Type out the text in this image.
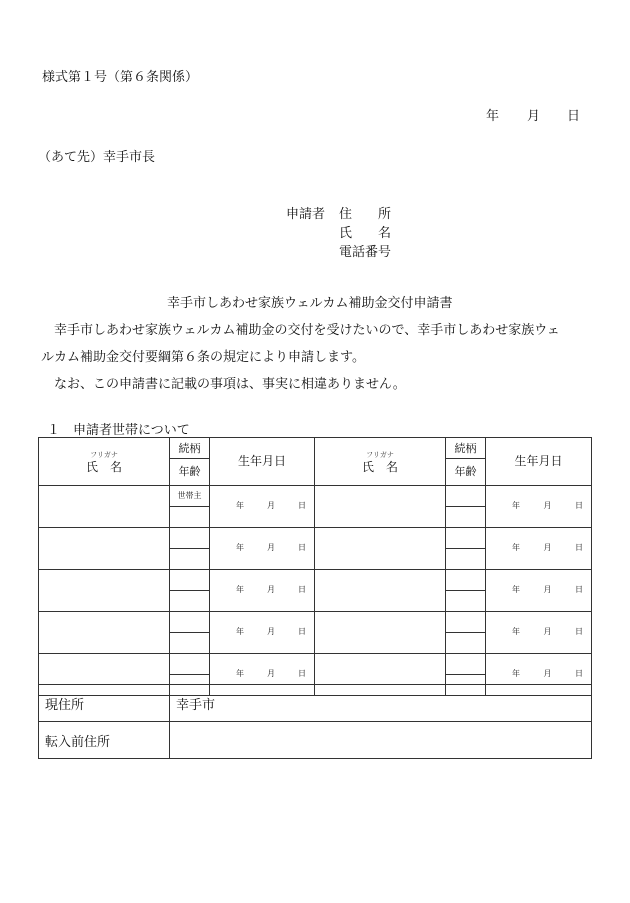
様式第１号（第６条関係）
年 月 日
（あて先）幸手市長
申請者 住　　所
氏　　名
電話番号
幸手市しあわせ家族ウェルカム補助金交付申請書
　幸手市しあわせ家族ウェルカム補助金の交付を受けたいので、幸手市しあわせ家族ウェ
ルカム補助金交付要綱第６条の規定により申請します。
　なお、この申請書に記載の事項は、事実に相違ありません。
１　申請者世帯について
フリガナ	続柄	生年月日	フリガナ	続柄	生年月日
氏　名	年齢		氏　名	年齢	
	世帯主	年 月 日			年 月 日

		年 月 日			年 月 日

		年 月 日			年 月 日

		年 月 日			年 月 日

		年 月 日			年 月 日

現住所	幸手市
転入前住所	
